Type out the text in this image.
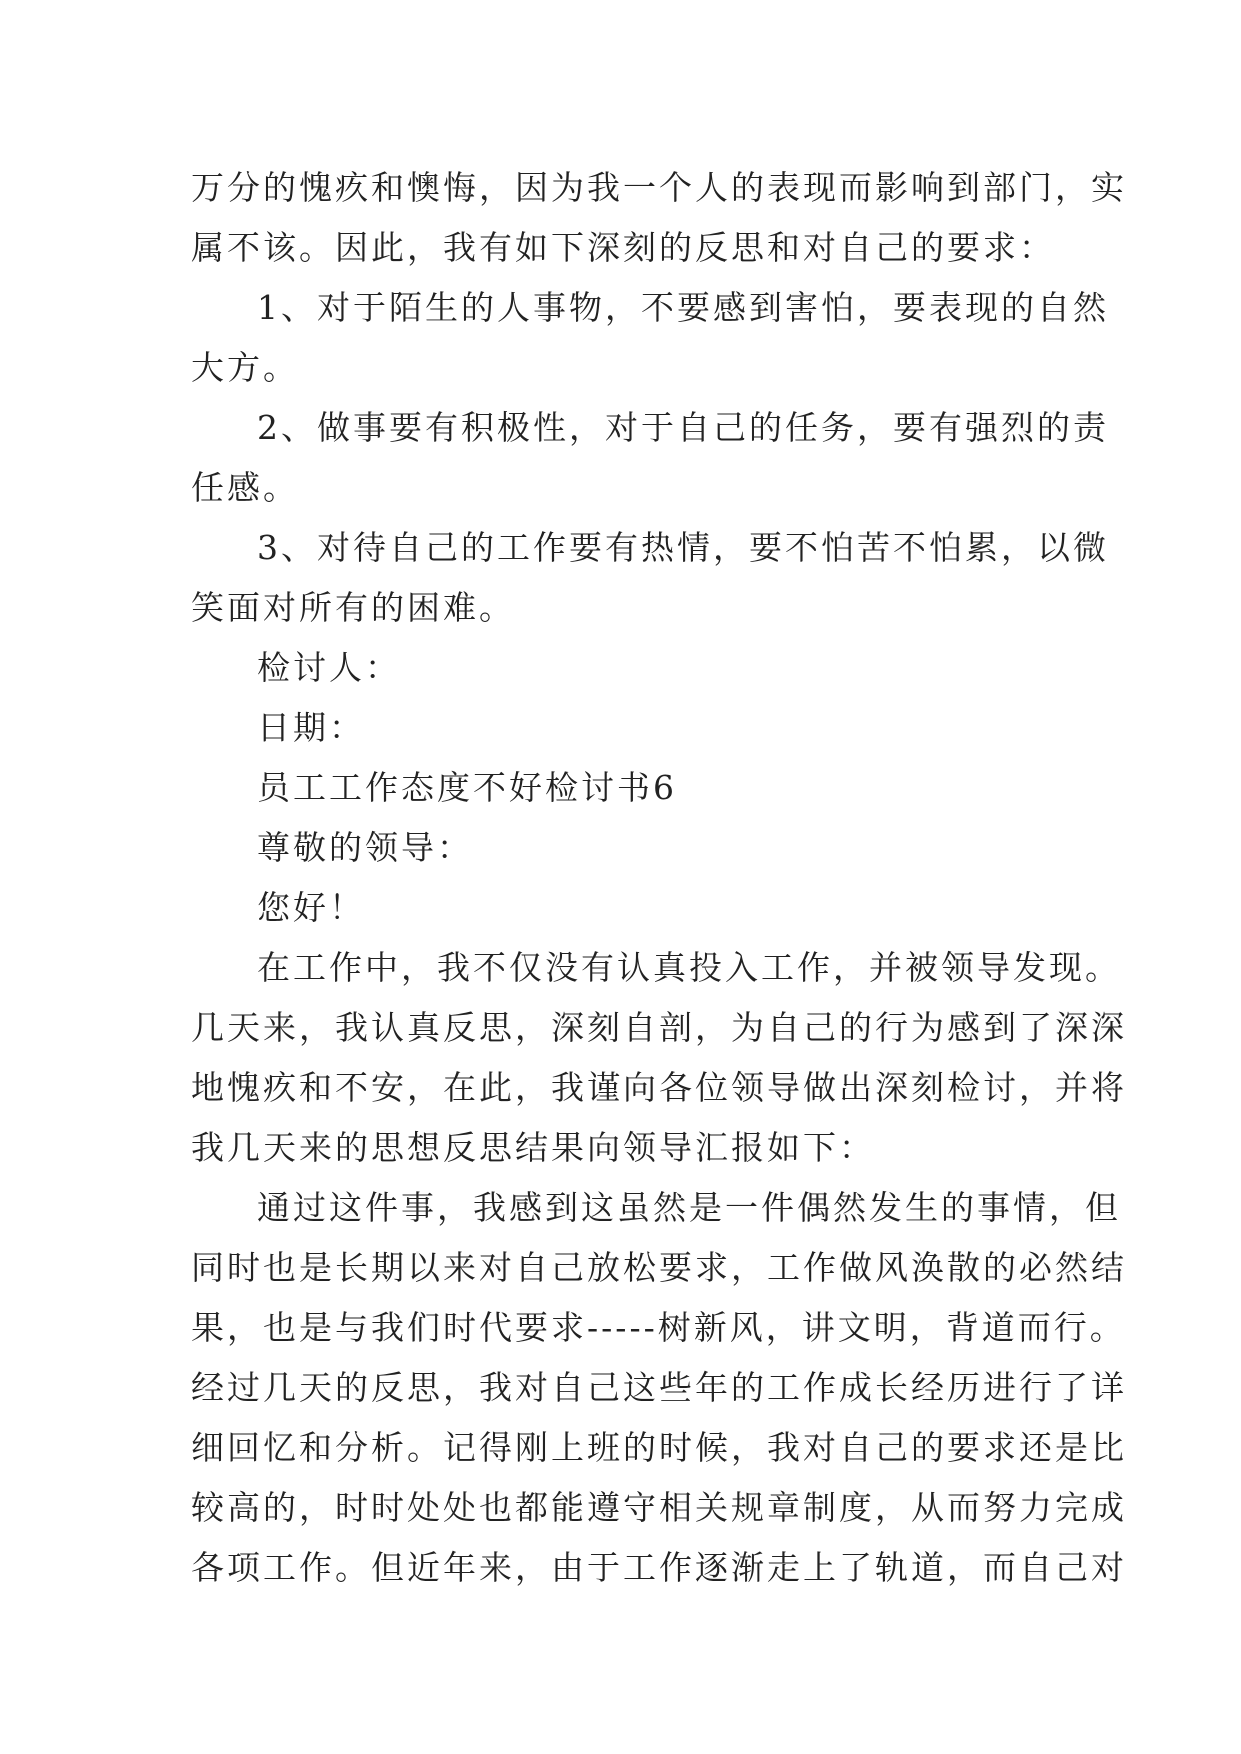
万分的愧疚和懊悔，因为我一个人的表现而影响到部门，实
属不该。因此，我有如下深刻的反思和对自己的要求：
1、对于陌生的人事物，不要感到害怕，要表现的自然
大方。
2、做事要有积极性，对于自己的任务，要有强烈的责
任感。
3、对待自己的工作要有热情，要不怕苦不怕累，以微
笑面对所有的困难。
检讨人：
日期：
员工工作态度不好检讨书6
尊敬的领导：
您好！
在工作中，我不仅没有认真投入工作，并被领导发现。
几天来，我认真反思，深刻自剖，为自己的行为感到了深深
地愧疚和不安，在此，我谨向各位领导做出深刻检讨，并将
我几天来的思想反思结果向领导汇报如下：
通过这件事，我感到这虽然是一件偶然发生的事情，但
同时也是长期以来对自己放松要求，工作做风涣散的必然结
果，也是与我们时代要求-----树新风，讲文明，背道而行。
经过几天的反思，我对自己这些年的工作成长经历进行了详
细回忆和分析。记得刚上班的时候，我对自己的要求还是比
较高的，时时处处也都能遵守相关规章制度，从而努力完成
各项工作。但近年来，由于工作逐渐走上了轨道，而自己对
